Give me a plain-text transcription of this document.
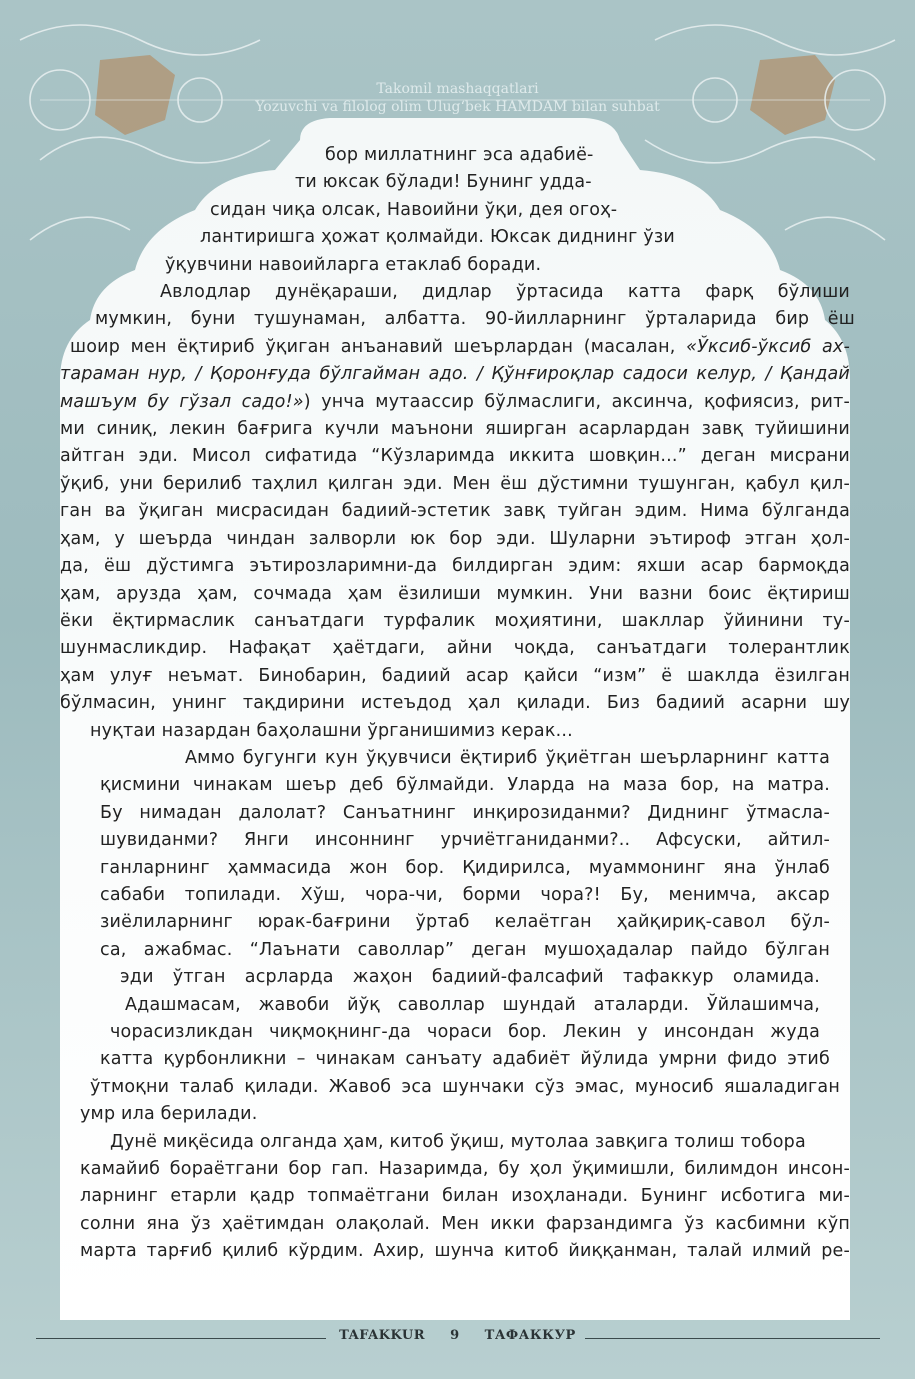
Takomil mashaqqatlari
Yozuvchi va filolog olim Ulug‘bek HAMDAM bilan suhbat
бор миллатнинг эса адабиё-
ти юксак бўлади! Бунинг удда-
сидан чиқа олсак, Навоийни ўқи, дея огоҳ-
лантиришга ҳожат қолмайди. Юксак диднинг ўзи
ўқувчини навоийларга етаклаб боради.
Авлодлар дунёқараши, дидлар ўртасида катта фарқ бўлиши
мумкин, буни тушунаман, албатта. 90-йилларнинг ўрталарида бир ёш
шоир мен ёқтириб ўқиган анъанавий шеърлардан (масалан, «Ўксиб-ўксиб ах-
тараман нур, / Қоронғуда бўлгайман адо. / Қўнғироқлар садоси келур, / Қандай
машъум бу гўзал садо!») унча мутаассир бўлмаслиги, аксинча, қофиясиз, рит-
ми синиқ, лекин бағрига кучли маънони яширган асарлардан завқ туйишини
айтган эди. Мисол сифатида “Кўзларимда иккита шовқин...” деган мисрани
ўқиб, уни берилиб таҳлил қилган эди. Мен ёш дўстимни тушунган, қабул қил-
ган ва ўқиган мисрасидан бадиий-эстетик завқ туйган эдим. Нима бўлганда
ҳам, у шеърда чиндан залворли юк бор эди. Шуларни эътироф этган ҳол-
да, ёш дўстимга эътирозларимни-да билдирган эдим: яхши асар бармоқда
ҳам, арузда ҳам, сочмада ҳам ёзилиши мумкин. Уни вазни боис ёқтириш
ёки ёқтирмаслик санъатдаги турфалик моҳиятини, шакллар ўйинини ту-
шунмасликдир. Нафақат ҳаётдаги, айни чоқда, санъатдаги толерантлик
ҳам улуғ неъмат. Бинобарин, бадиий асар қайси “изм” ё шаклда ёзилган
бўлмасин, унинг тақдирини истеъдод ҳал қилади. Биз бадиий асарни шу
нуқтаи назардан баҳолашни ўрганишимиз керак...
Аммо бугунги кун ўқувчиси ёқтириб ўқиётган шеърларнинг катта
қисмини чинакам шеър деб бўлмайди. Уларда на маза бор, на матра.
Бу нимадан далолат? Санъатнинг инқирозиданми? Диднинг ўтмасла-
шувиданми? Янги инсоннинг урчиётганиданми?.. Афсуски, айтил-
ганларнинг ҳаммасида жон бор. Қидирилса, муаммонинг яна ўнлаб
сабаби топилади. Хўш, чора-чи, борми чора?! Бу, менимча, аксар
зиёлиларнинг юрак-бағрини ўртаб келаётган ҳайқириқ-савол бўл-
са, ажабмас. “Лаънати саволлар” деган мушоҳадалар пайдо бўлган
эди ўтган асрларда жаҳон бадиий-фалсафий тафаккур оламида.
Адашмасам, жавоби йўқ саволлар шундай аталарди. Ўйлашимча,
чорасизликдан чиқмоқнинг-да чораси бор. Лекин у инсондан жуда
катта қурбонликни – чинакам санъату адабиёт йўлида умрни фидо этиб
ўтмоқни талаб қилади. Жавоб эса шунчаки сўз эмас, муносиб яшаладиган
умр ила берилади.
Дунё миқёсида олганда ҳам, китоб ўқиш, мутолаа завқига толиш тобора
камайиб бораётгани бор гап. Назаримда, бу ҳол ўқимишли, билимдон инсон-
ларнинг етарли қадр топмаётгани билан изоҳланади. Бунинг исботига ми-
солни яна ўз ҳаётимдан олақолай. Мен икки фарзандимга ўз касбимни кўп
марта тарғиб қилиб кўрдим. Ахир, шунча китоб йиққанман, талай илмий ре-
TAFAKKUR 9 ТАФАККУР
